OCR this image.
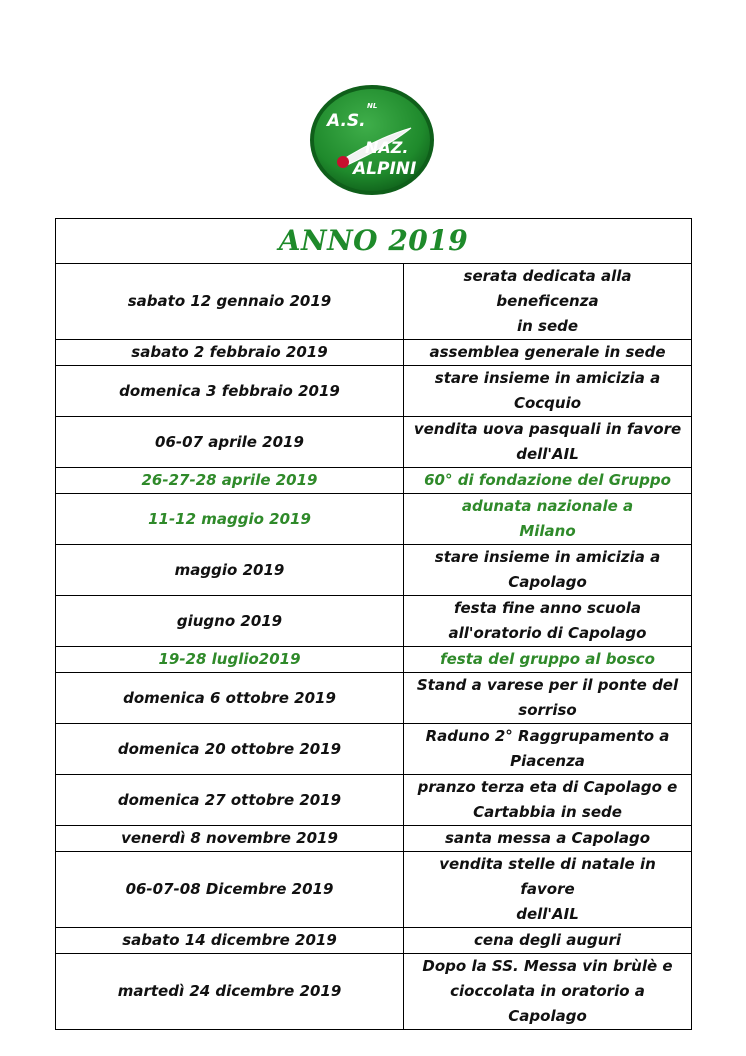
A.S.
NL
NAZ.
ALPINI
ANNO 2019	
sabato 12 gennaio 2019	serata dedicata alla beneficenza
in sede

sabato 2 febbraio 2019	assemblea generale in sede

domenica 3 febbraio 2019	stare insieme in amicizia a
Cocquio

06-07 aprile 2019	vendita uova pasquali in favore
dell'AIL

26-27-28 aprile 2019	60° di fondazione del Gruppo

11-12 maggio 2019	adunata nazionale a
Milano

maggio 2019	stare insieme in amicizia a
Capolago

giugno 2019	festa fine anno scuola
all'oratorio di Capolago

19-28 luglio2019	festa del gruppo al bosco

domenica 6 ottobre 2019	Stand a varese per il ponte del
sorriso

domenica 20 ottobre 2019	Raduno 2° Raggrupamento a
Piacenza

domenica 27 ottobre 2019	pranzo terza eta di Capolago e
Cartabbia in sede

venerdì 8 novembre 2019	santa messa a Capolago

06-07-08 Dicembre 2019	vendita stelle di natale in favore
dell'AIL

sabato 14 dicembre 2019	cena degli auguri

martedì 24 dicembre 2019	Dopo la SS. Messa vin brùlè e
cioccolata in oratorio a Capolago
